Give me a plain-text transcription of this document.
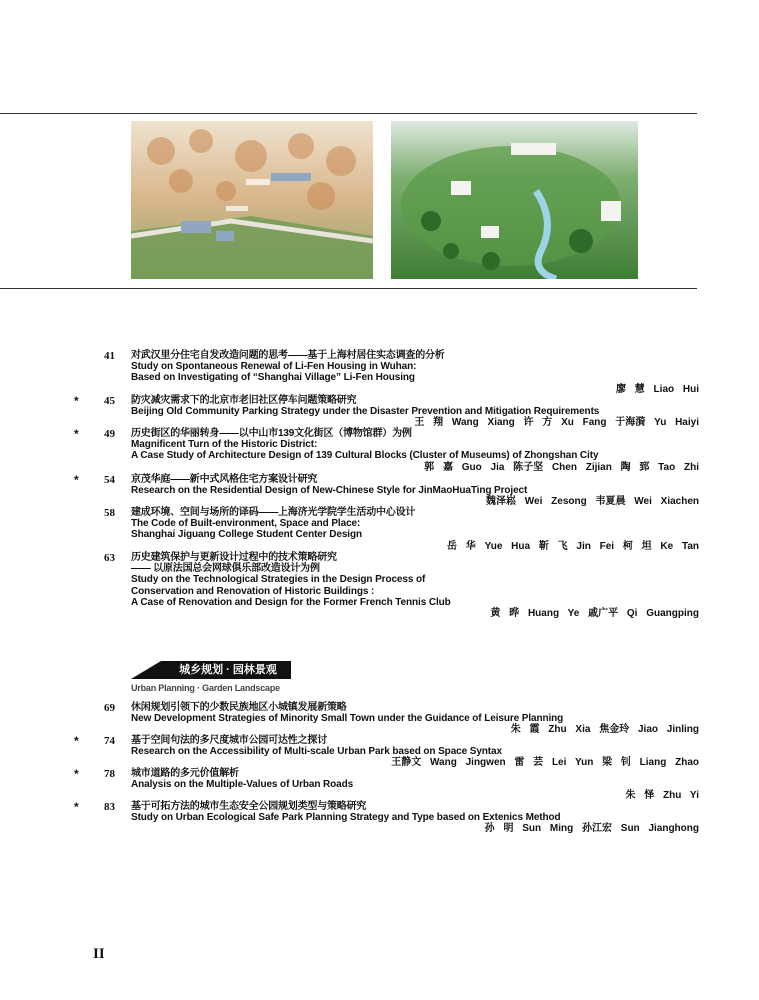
41 对武汉里分住宅自发改造问题的思考——基于上海村居住实态调查的分析
Study on Spontaneous Renewal of Li-Fen Housing in Wuhan:
Based on Investigating of “Shanghai Village” Li-Fen Housing
廖 慧 Liao Hui
*	45 防灾减灾需求下的北京市老旧社区停车问题策略研究
Beijing Old Community Parking Strategy under the Disaster Prevention and Mitigation Requirements
王 翔 Wang Xiang 许 方 Xu Fang 于海漪 Yu Haiyi
*	49 历史街区的华丽转身——以中山市139文化街区（博物馆群）为例
Magnificent Turn of the Historic District:
A Case Study of Architecture Design of 139 Cultural Blocks (Cluster of Museums) of Zhongshan City
郭 嘉 Guo Jia 陈子坚 Chen Zijian 陶 郅 Tao Zhi
*	54 京茂华庭——新中式风格住宅方案设计研究
Research on the Residential Design of New-Chinese Style for JinMaoHuaTing Project
魏泽崧 Wei Zesong 韦夏晨 Wei Xiachen
58 建成环境、空间与场所的译码——上海济光学院学生活动中心设计
The Code of Built-environment, Space and Place:
Shanghai Jiguang College Student Center Design
岳 华 Yue Hua 靳 飞 Jin Fei 柯 坦 Ke Tan
63 历史建筑保护与更新设计过程中的技术策略研究
—— 以原法国总会网球俱乐部改造设计为例
Study on the Technological Strategies in the Design Process of
Conservation and Renovation of Historic Buildings :
A Case of Renovation and Design for the Former French Tennis Club
黄 晔 Huang Ye 戚广平 Qi Guangping
城乡规划 · 园林景观
Urban Planning · Garden Landscape
69 休闲规划引领下的少数民族地区小城镇发展新策略
New Development Strategies of Minority Small Town under the Guidance of Leisure Planning
朱 霞 Zhu Xia 焦金玲 Jiao Jinling
*	74 基于空间句法的多尺度城市公园可达性之探讨
Research on the Accessibility of Multi-scale Urban Park based on Space Syntax
王静文 Wang Jingwen 雷 芸 Lei Yun 梁 钊 Liang Zhao
*	78 城市道路的多元价值解析
Analysis on the Multiple-Values of Urban Roads
朱 怿 Zhu Yi
*	83 基于可拓方法的城市生态安全公园规划类型与策略研究
Study on Urban Ecological Safe Park Planning Strategy and Type based on Extenics Method
孙 明 Sun Ming 孙江宏 Sun Jianghong
II
